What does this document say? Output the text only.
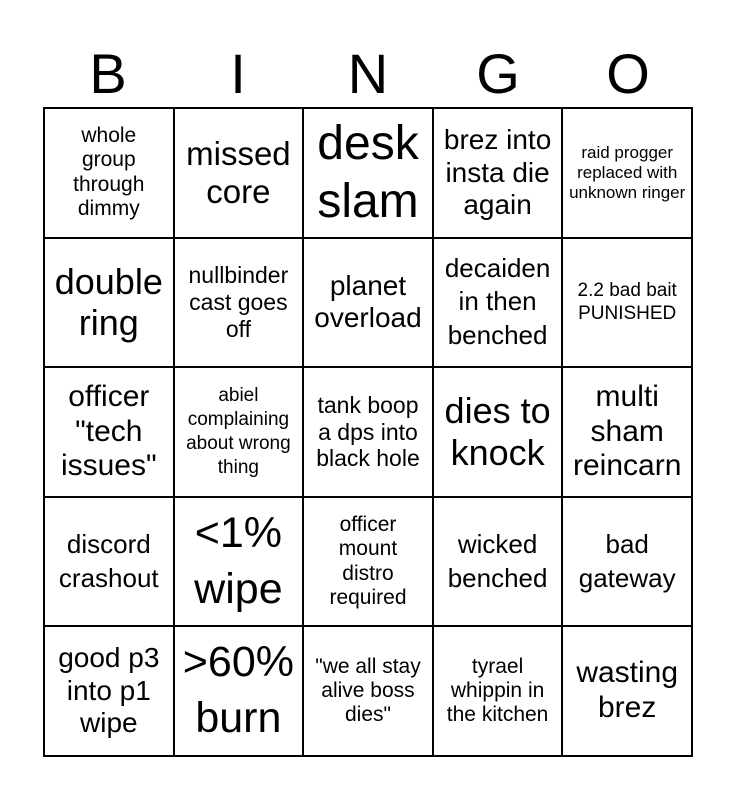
B	I	N	G	O
whole group through dimmy
missed core
desk slam
brez into insta die again
raid progger replaced with unknown ringer
double ring
nullbinder cast goes off
planet overload
decaiden in then benched
2.2 bad bait PUNISHED
officer "tech issues"
abiel complaining about wrong thing
tank boop a dps into black hole
dies to knock
multi sham reincarn
discord crashout
<1% wipe
officer mount distro required
wicked benched
bad gateway
good p3 into p1 wipe
>60% burn
"we all stay alive boss dies"
tyrael whippin in the kitchen
wasting brez
